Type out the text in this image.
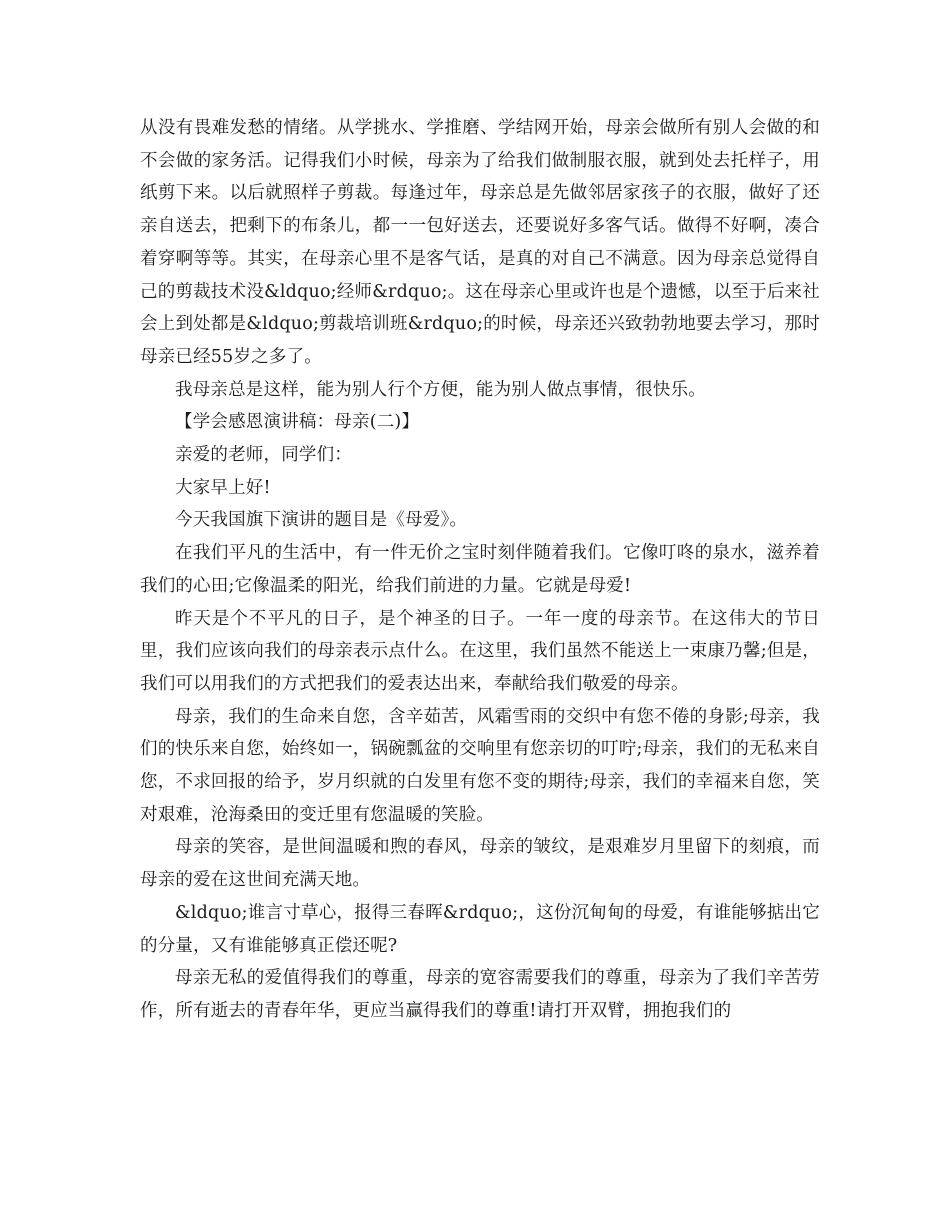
从没有畏难发愁的情绪。从学挑水、学推磨、学结网开始，母亲会做所有别人会做的和不会做的家务活。记得我们小时候，母亲为了给我们做制服衣服，就到处去托样子，用纸剪下来。以后就照样子剪裁。每逢过年，母亲总是先做邻居家孩子的衣服，做好了还亲自送去，把剩下的布条儿，都一一包好送去，还要说好多客气话。做得不好啊，凑合着穿啊等等。其实，在母亲心里不是客气话，是真的对自己不满意。因为母亲总觉得自己的剪裁技术没&ldquo;经师&rdquo;。这在母亲心里或许也是个遗憾，以至于后来社会上到处都是&ldquo;剪裁培训班&rdquo;的时候，母亲还兴致勃勃地要去学习，那时母亲已经55岁之多了。

我母亲总是这样，能为别人行个方便，能为别人做点事情，很快乐。

【学会感恩演讲稿：母亲(二)】

亲爱的老师，同学们：

大家早上好!

今天我国旗下演讲的题目是《母爱》。

在我们平凡的生活中，有一件无价之宝时刻伴随着我们。它像叮咚的泉水，滋养着我们的心田;它像温柔的阳光，给我们前进的力量。它就是母爱!

昨天是个不平凡的日子，是个神圣的日子。一年一度的母亲节。在这伟大的节日里，我们应该向我们的母亲表示点什么。在这里，我们虽然不能送上一束康乃馨;但是，我们可以用我们的方式把我们的爱表达出来，奉献给我们敬爱的母亲。

母亲，我们的生命来自您，含辛茹苦，风霜雪雨的交织中有您不倦的身影;母亲，我们的快乐来自您，始终如一，锅碗瓢盆的交响里有您亲切的叮咛;母亲，我们的无私来自您，不求回报的给予，岁月织就的白发里有您不变的期待;母亲，我们的幸福来自您，笑对艰难，沧海桑田的变迁里有您温暖的笑脸。

母亲的笑容，是世间温暖和煦的春风，母亲的皱纹，是艰难岁月里留下的刻痕，而母亲的爱在这世间充满天地。

&ldquo;谁言寸草心，报得三春晖&rdquo;，这份沉甸甸的母爱，有谁能够掂出它的分量，又有谁能够真正偿还呢?

母亲无私的爱值得我们的尊重，母亲的宽容需要我们的尊重，母亲为了我们辛苦劳作，所有逝去的青春年华，更应当赢得我们的尊重!请打开双臂，拥抱我们的
